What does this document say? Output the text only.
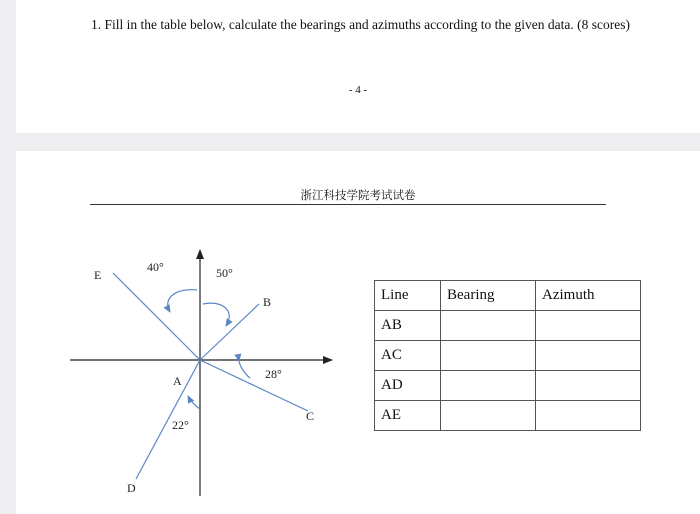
1. Fill in the table below, calculate the bearings and azimuths according to the given data. (8 scores)
- 4 -
浙江科技学院考试试卷
E
B
C
D
A
40°	50°
28°
22°
Line	Bearing	Azimuth
AB		
AC		
AD		
AE		
